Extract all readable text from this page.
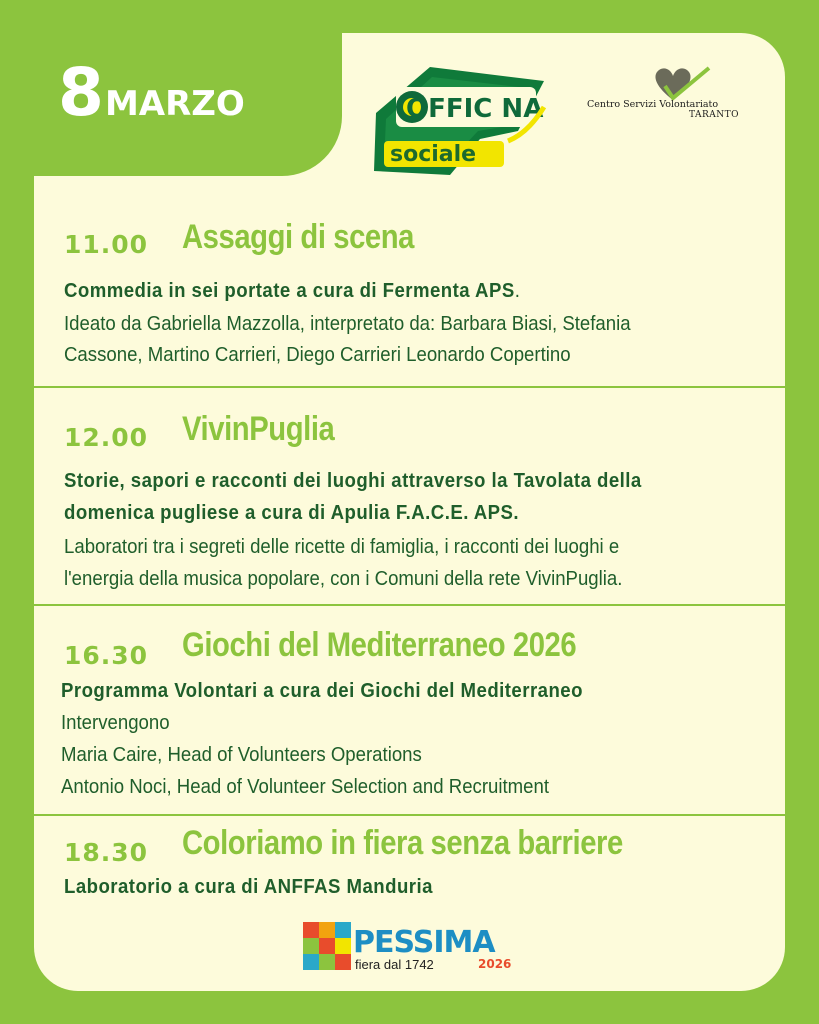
8MARZO	OFFIC NA
sociale
Centro Servizi Volontariato
TARANTO
11.00 Assaggi di scena
Commedia in sei portate a cura di Fermenta APS.
Ideato da Gabriella Mazzolla, interpretato da: Barbara Biasi, Stefania
Cassone, Martino Carrieri, Diego Carrieri Leonardo Copertino
12.00 VivinPuglia
Storie, sapori e racconti dei luoghi attraverso la Tavolata della
domenica pugliese a cura di Apulia F.A.C.E. APS.
Laboratori tra i segreti delle ricette di famiglia, i racconti dei luoghi e
l'energia della musica popolare, con i Comuni della rete VivinPuglia.
16.30 Giochi del Mediterraneo 2026
Programma Volontari a cura dei Giochi del Mediterraneo
Intervengono
Maria Caire, Head of Volunteers Operations
Antonio Noci, Head of Volunteer Selection and Recruitment
18.30 Coloriamo in fiera senza barriere
Laboratorio a cura di ANFFAS Manduria
PESSIMA
fiera dal 1742	2026
